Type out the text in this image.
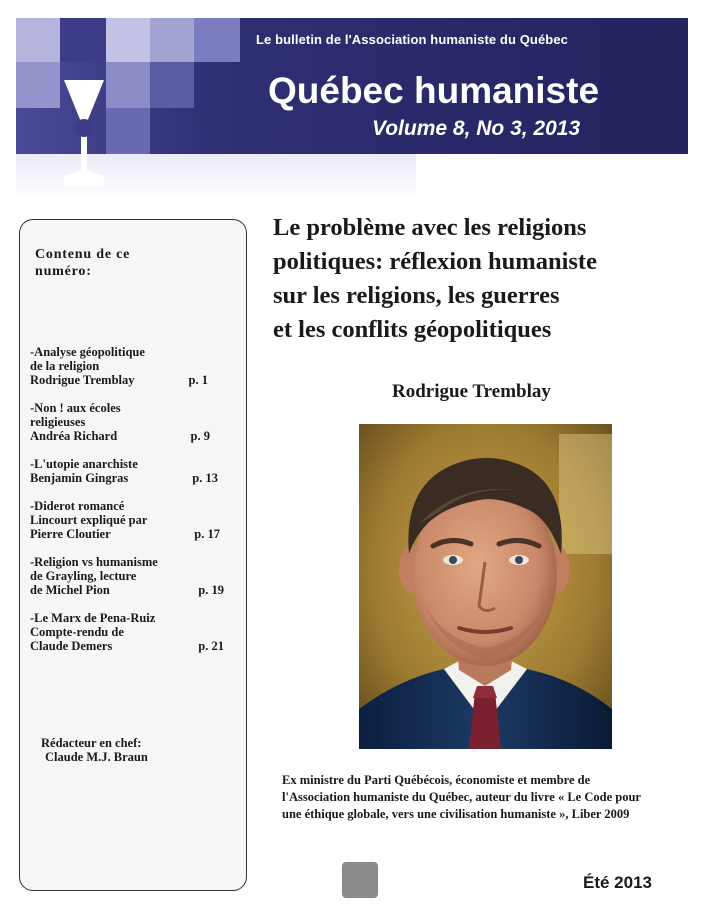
Le bulletin de l'Association humaniste du Québec
Québec humaniste
Volume 8, No 3, 2013
Contenu de ce numéro:
-Analyse géopolitique
de la religion
Rodrigue Tremblay	p. 1
-Non ! aux écoles
religieuses
Andréa Richard	p. 9
-L'utopie anarchiste
Benjamin Gingras	p. 13
-Diderot romancé
Lincourt expliqué par
Pierre Cloutier	p. 17
-Religion vs humanisme
de Grayling, lecture
de Michel Pion	p. 19
-Le Marx de Pena-Ruiz
Compte-rendu de
Claude Demers	p. 21
Rédacteur en chef:
Claude M.J. Braun
Le problème avec les religions
politiques: réflexion humaniste
sur les religions, les guerres
et les conflits géopolitiques
Rodrigue Tremblay
Ex ministre du Parti Québécois, économiste et membre de
l'Association humaniste du Québec, auteur du livre « Le Code pour
une éthique globale, vers une civilisation humaniste », Liber 2009
Été 2013
